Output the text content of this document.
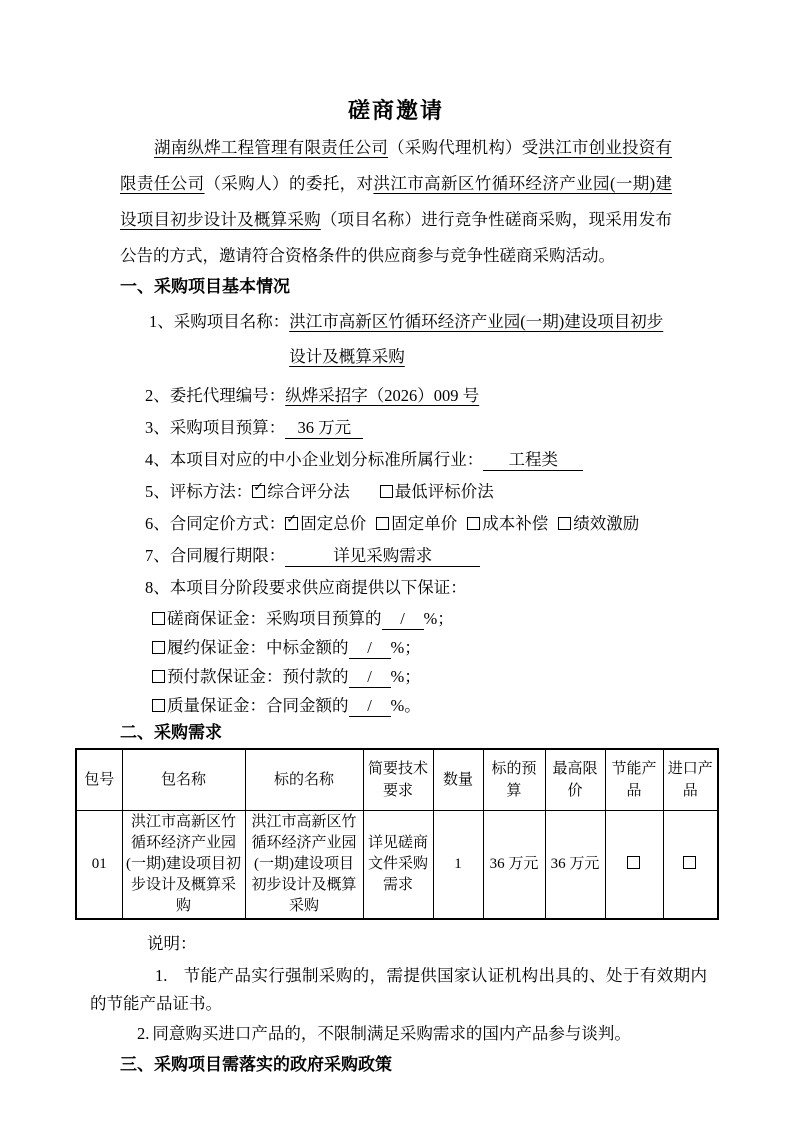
磋商邀请

湖南纵烨工程管理有限责任公司（采购代理机构）受洪江市创业投资有限责任公司（采购人）的委托，对洪江市高新区竹循环经济产业园(一期)建设项目初步设计及概算采购（项目名称）进行竞争性磋商采购，现采用发布公告的方式，邀请符合资格条件的供应商参与竞争性磋商采购活动。

一、采购项目基本情况

1、采购项目名称：洪江市高新区竹循环经济产业园(一期)建设项目初步设计及概算采购

2、委托代理编号：纵烨采招字（2026）009 号

3、采购项目预算： 36 万元

4、本项目对应的中小企业划分标准所属行业： 工程类

5、评标方法： ✓ 综合评分法	最低评标价法

6、合同定价方式： ✓ 固定总价 固定单价 成本补偿 绩效激励

7、合同履行期限：	详见采购需求

8、本项目分阶段要求供应商提供以下保证：

磋商保证金：采购项目预算的 / %；

履约保证金：中标金额的 / %；

预付款保证金：预付款的 / %；

质量保证金：合同金额的 / %。

二、采购需求
包号	包名称	标的名称	简要技术要求	数量	标的预算	最高限价	节能产品	进口产品
01	洪江市高新区竹循环经济产业园(一期)建设项目初步设计及概算采购	洪江市高新区竹循环经济产业园(一期)建设项目初步设计及概算采购	详见磋商文件采购需求	1	36 万元	36 万元		

说明：

1. 节能产品实行强制采购的，需提供国家认证机构出具的、处于有效期内的节能产品证书。

2. 同意购买进口产品的，不限制满足采购需求的国内产品参与谈判。

三、采购项目需落实的政府采购政策
